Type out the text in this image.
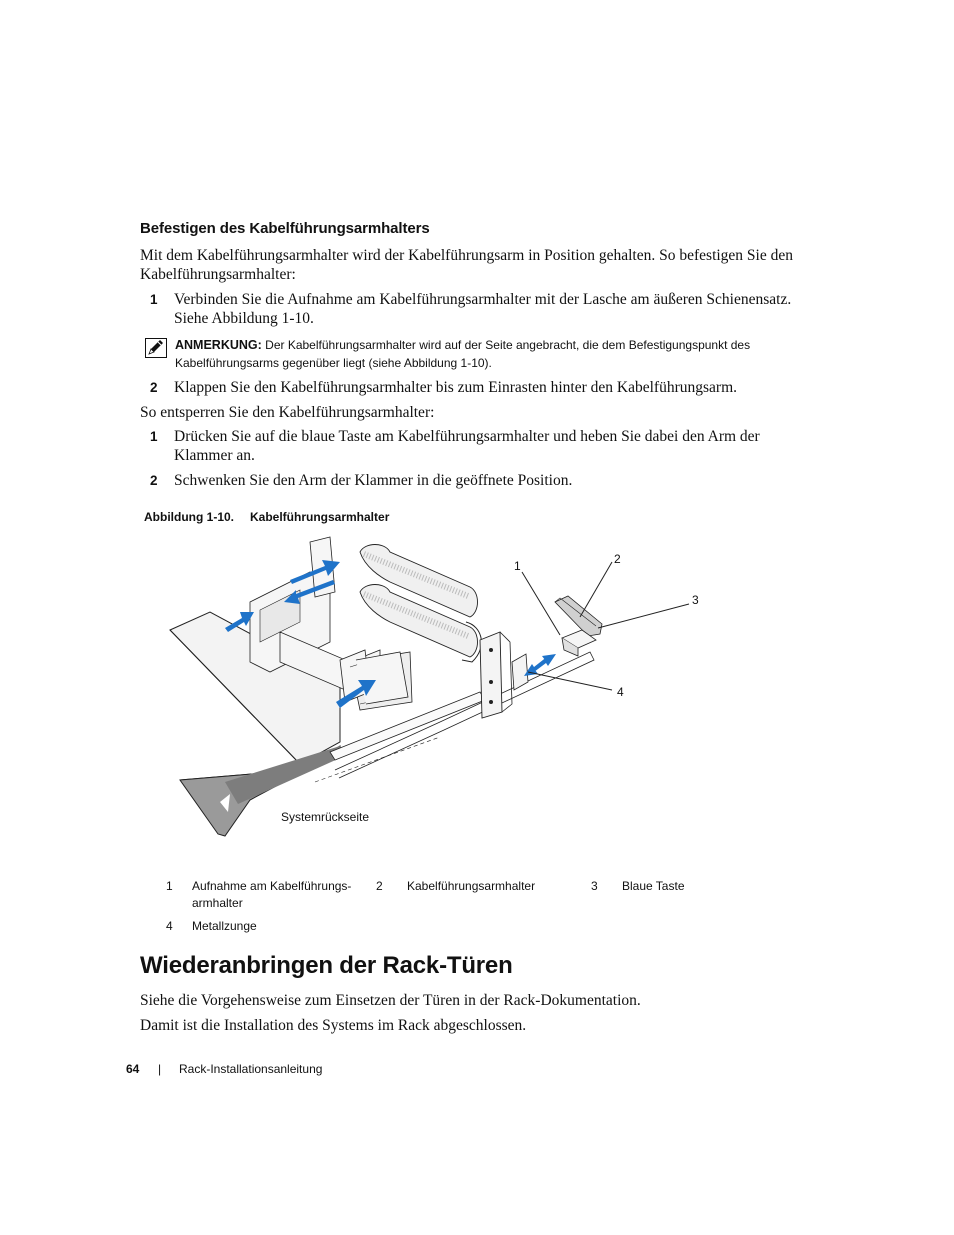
Befestigen des Kabelführungsarmhalters
Mit dem Kabelführungsarmhalter wird der Kabelführungsarm in Position gehalten. So befestigen Sie den Kabelführungsarmhalter:
1 Verbinden Sie die Aufnahme am Kabelführungsarmhalter mit der Lasche am äußeren Schienensatz. Siehe Abbildung 1-10.
ANMERKUNG: Der Kabelführungsarmhalter wird auf der Seite angebracht, die dem Befestigungspunkt des Kabelführungsarms gegenüber liegt (siehe Abbildung 1-10).
2 Klappen Sie den Kabelführungsarmhalter bis zum Einrasten hinter den Kabelführungsarm.
So entsperren Sie den Kabelführungsarmhalter:
1 Drücken Sie auf die blaue Taste am Kabelführungsarmhalter und heben Sie dabei den Arm der Klammer an.
2 Schwenken Sie den Arm der Klammer in die geöffnete Position.
Abbildung 1-10. Kabelführungsarmhalter
1	2
3
4
Systemrückseite
1 Aufnahme am Kabelführungs-
armhalter
2 Kabelführungsarmhalter	3 Blaue Taste
4 Metallzunge
Wiederanbringen der Rack-Türen
Siehe die Vorgehensweise zum Einsetzen der Türen in der Rack-Dokumentation.
Damit ist die Installation des Systems im Rack abgeschlossen.
64 | Rack-Installationsanleitung
